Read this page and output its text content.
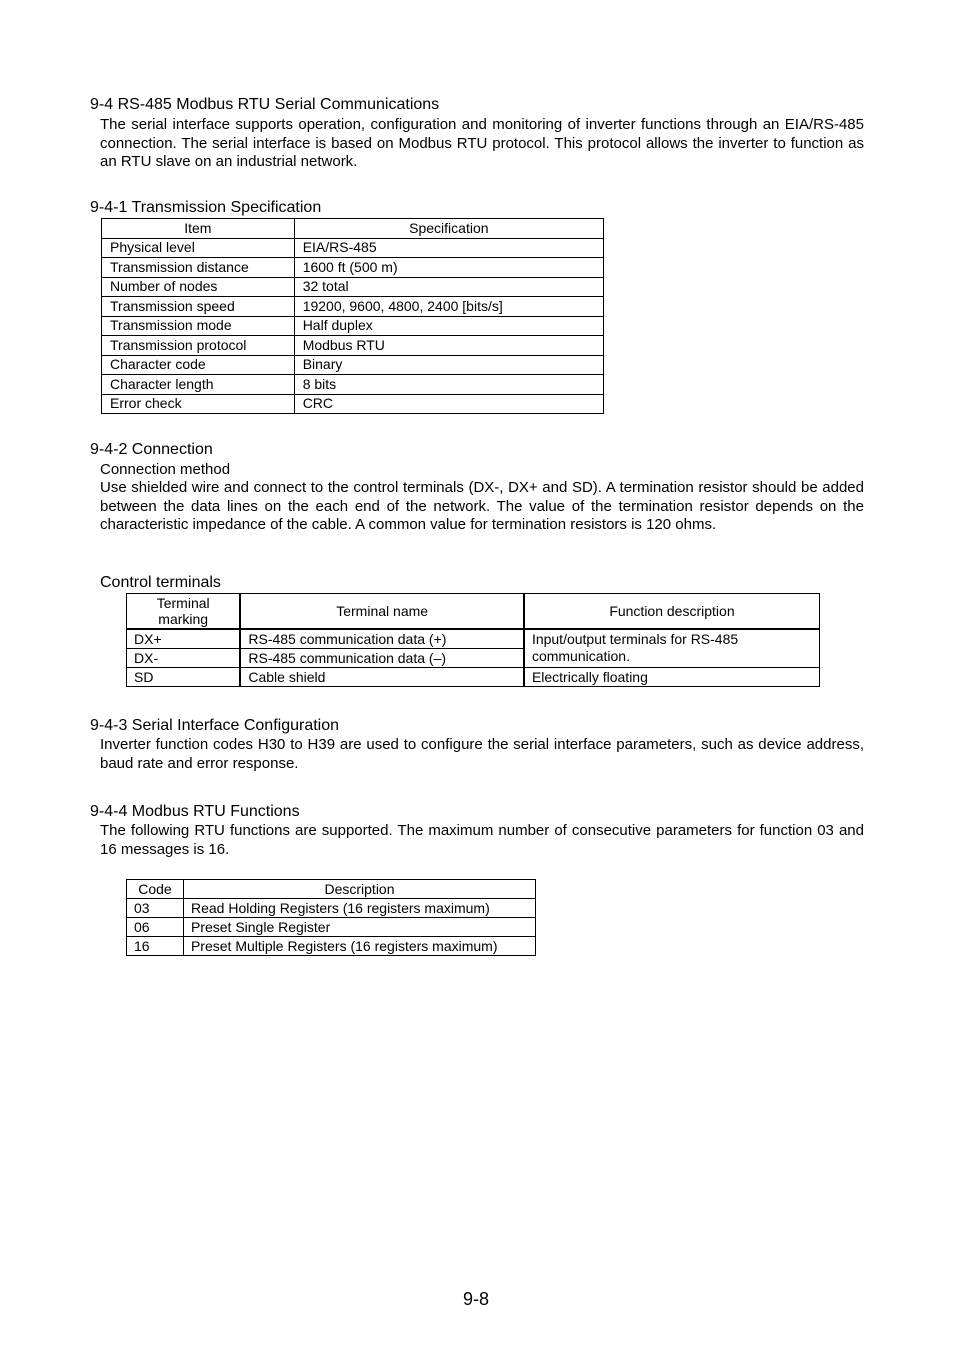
9-4 RS-485 Modbus RTU Serial Communications
The serial interface supports operation, configuration and monitoring of inverter functions through an EIA/RS-485 connection. The serial interface is based on Modbus RTU protocol. This protocol allows the inverter to function as an RTU slave on an industrial network.
9-4-1 Transmission Specification
Item	Specification
Physical level	EIA/RS-485
Transmission distance	1600 ft (500 m)
Number of nodes	32 total
Transmission speed	19200, 9600, 4800, 2400 [bits/s]
Transmission mode	Half duplex
Transmission protocol	Modbus RTU
Character code	Binary
Character length	8 bits
Error check	CRC
9-4-2 Connection
Connection method
Use shielded wire and connect to the control terminals (DX-, DX+ and SD). A termination resistor should be added between the data lines on the each end of the network. The value of the termination resistor depends on the characteristic impedance of the cable. A common value for termination resistors is 120 ohms.
Control terminals
Terminal
marking	Terminal name	Function description
DX+	RS-485 communication data (+)	Input/output terminals for RS-485 communication.
DX-	RS-485 communication data (–)	
SD	Cable shield	Electrically floating
9-4-3 Serial Interface Configuration
Inverter function codes H30 to H39 are used to configure the serial interface parameters, such as device address, baud rate and error response.
9-4-4 Modbus RTU Functions
The following RTU functions are supported. The maximum number of consecutive parameters for function 03 and 16 messages is 16.
Code	Description
03	Read Holding Registers (16 registers maximum)
06	Preset Single Register
16	Preset Multiple Registers (16 registers maximum)
9-8
